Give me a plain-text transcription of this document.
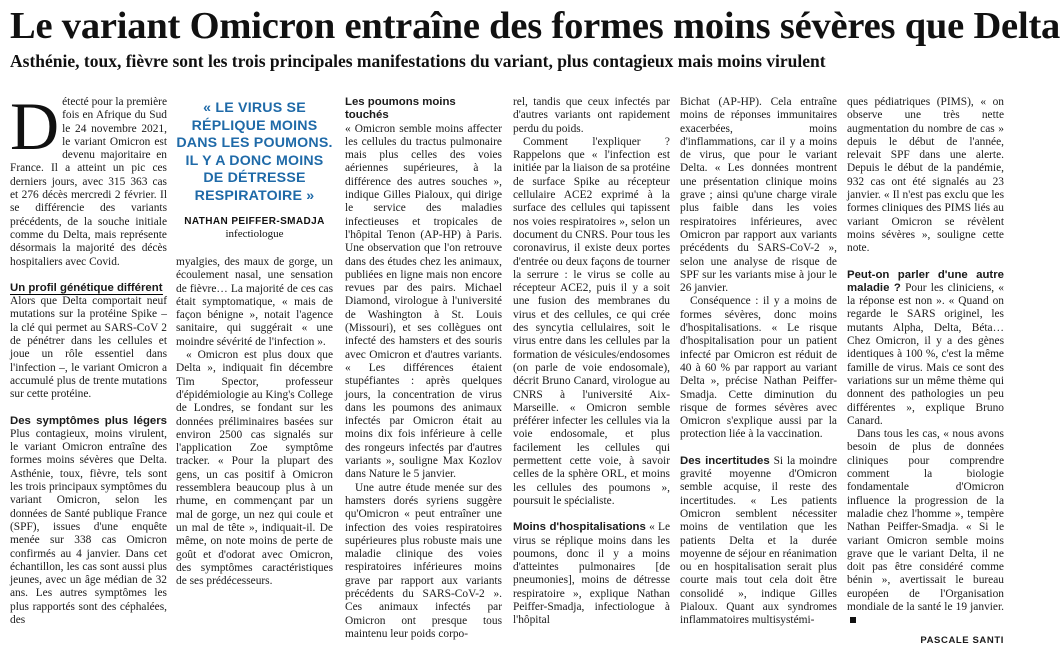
Le variant Omicron entraîne des formes moins sévères que Delta
Asthénie, toux, fièvre sont les trois principales manifestations du variant, plus contagieux mais moins virulent

Détecté pour la première fois en Afrique du Sud le 24 novembre 2021, le variant Omicron est devenu majoritaire en France. Il a atteint un pic ces derniers jours, avec 315 363 cas et 276 décès mercredi 2 février. Il se différencie des variants précédents, de la souche initiale comme du Delta, mais représente désormais la majorité des décès hospitaliers avec Covid.

Un profil génétique différent

Alors que Delta comportait neuf mutations sur la protéine Spike – la clé qui permet au SARS-CoV 2 de pénétrer dans les cellules et joue un rôle essentiel dans l'infection –, le variant Omicron a accumulé plus de trente mutations sur cette protéine.

Des symptômes plus légers Plus contagieux, moins virulent, le variant Omicron entraîne des formes moins sévères que Delta. Asthénie, toux, fièvre, tels sont les trois principaux symptômes du variant Omicron, selon les données de Santé publique France (SPF), issues d'une enquête menée sur 338 cas Omicron confirmés au 4 janvier. Dans cet échantillon, les cas sont aussi plus jeunes, avec un âge médian de 32 ans. Les autres symptômes les plus rapportés sont des céphalées, des

« LE VIRUS SE RÉPLIQUE MOINS DANS LES POUMONS. IL Y A DONC MOINS DE DÉTRESSE RESPIRATOIRE »
NATHAN PEIFFER-SMADJA
infectiologue

myalgies, des maux de gorge, un écoulement nasal, une sensation de fièvre… La majorité de ces cas était symptomatique, « mais de façon bénigne », notait l'agence sanitaire, qui suggérait « une moindre sévérité de l'infection ».

« Omicron est plus doux que Delta », indiquait fin décembre Tim Spector, professeur d'épidémiologie au King's College de Londres, se fondant sur les données préliminaires basées sur environ 2500 cas signalés sur l'application Zoe symptôme tracker. « Pour la plupart des gens, un cas positif à Omicron ressemblera beaucoup plus à un rhume, en commençant par un mal de gorge, un nez qui coule et un mal de tête », indiquait-il. De même, on note moins de perte de goût et d'odorat avec Omicron, des symptômes caractéristiques de ses prédécesseurs.

Les poumons moins touchés

« Omicron semble moins affecter les cellules du tractus pulmonaire mais plus celles des voies aériennes supérieures, à la différence des autres souches », indique Gilles Pialoux, qui dirige le service des maladies infectieuses et tropicales de l'hôpital Tenon (AP-HP) à Paris. Une observation que l'on retrouve dans des études chez les animaux, publiées en ligne mais non encore revues par des pairs. Michael Diamond, virologue à l'université de Washington à St. Louis (Missouri), et ses collègues ont infecté des hamsters et des souris avec Omicron et d'autres variants. « Les différences étaient stupéfiantes : après quelques jours, la concentration de virus dans les poumons des animaux infectés par Omicron était au moins dix fois inférieure à celle des rongeurs infectés par d'autres variants », souligne Max Kozlov dans Nature le 5 janvier.

Une autre étude menée sur des hamsters dorés syriens suggère qu'Omicron « peut entraîner une infection des voies respiratoires supérieures plus robuste mais une maladie clinique des voies respiratoires inférieures moins grave par rapport aux variants précédents du SARS-CoV-2 ». Ces animaux infectés par Omicron ont presque tous maintenu leur poids corpo-

rel, tandis que ceux infectés par d'autres variants ont rapidement perdu du poids.

Comment l'expliquer ? Rappelons que « l'infection est initiée par la liaison de sa protéine de surface Spike au récepteur cellulaire ACE2 exprimé à la surface des cellules qui tapissent nos voies respiratoires », selon un document du CNRS. Pour tous les coronavirus, il existe deux portes d'entrée ou deux façons de tourner la serrure : le virus se colle au récepteur ACE2, puis il y a soit une fusion des membranes du virus et des cellules, ce qui crée des syncytia cellulaires, soit le virus entre dans les cellules par la formation de vésicules/endosomes (on parle de voie endosomale), décrit Bruno Canard, virologue au CNRS à l'université Aix-Marseille. « Omicron semble préférer infecter les cellules via la voie endosomale, et plus facilement les cellules qui permettent cette voie, à savoir celles de la sphère ORL, et moins les cellules des poumons », poursuit le spécialiste.

Moins d'hospitalisations « Le virus se réplique moins dans les poumons, donc il y a moins d'atteintes pulmonaires [de pneumonies], moins de détresse respiratoire », explique Nathan Peiffer-Smadja, infectiologue à l'hôpital

Bichat (AP-HP). Cela entraîne moins de réponses immunitaires exacerbées, moins d'inflammations, car il y a moins de virus, que pour le variant Delta. « Les données montrent une présentation clinique moins grave ; ainsi qu'une charge virale plus faible dans les voies respiratoires inférieures, avec Omicron par rapport aux variants précédents du SARS-CoV-2 », selon une analyse de risque de SPF sur les variants mise à jour le 26 janvier.

Conséquence : il y a moins de formes sévères, donc moins d'hospitalisations. « Le risque d'hospitalisation pour un patient infecté par Omicron est réduit de 40 à 60 % par rapport au variant Delta », précise Nathan Peiffer-Smadja. Cette diminution du risque de formes sévères avec Omicron s'explique aussi par la protection liée à la vaccination.

Des incertitudes Si la moindre gravité moyenne d'Omicron semble acquise, il reste des incertitudes. « Les patients Omicron semblent nécessiter moins de ventilation que les patients Delta et la durée moyenne de séjour en réanimation ou en hospitalisation serait plus courte mais tout cela doit être consolidé », indique Gilles Pialoux. Quant aux syndromes inflammatoires multisystémi-

ques pédiatriques (PIMS), « on observe une très nette augmentation du nombre de cas » depuis le début de l'année, relevait SPF dans une alerte. Depuis le début de la pandémie, 932 cas ont été signalés au 23 janvier. « Il n'est pas exclu que les formes cliniques des PIMS liés au variant Omicron se révèlent moins sévères », souligne cette note.

Peut-on parler d'une autre maladie ? Pour les cliniciens, « la réponse est non ». « Quand on regarde le SARS originel, les mutants Alpha, Delta, Béta… Chez Omicron, il y a des gènes identiques à 100 %, c'est la même famille de virus. Mais ce sont des variations sur un même thème qui donnent des pathologies un peu différentes », explique Bruno Canard.

Dans tous les cas, « nous avons besoin de plus de données cliniques pour comprendre comment la biologie fondamentale d'Omicron influence la progression de la maladie chez l'homme », tempère Nathan Peiffer-Smadja. « Si le variant Omicron semble moins grave que le variant Delta, il ne doit pas être considéré comme bénin », avertissait le bureau européen de l'Organisation mondiale de la santé le 19 janvier.

PASCALE SANTI
